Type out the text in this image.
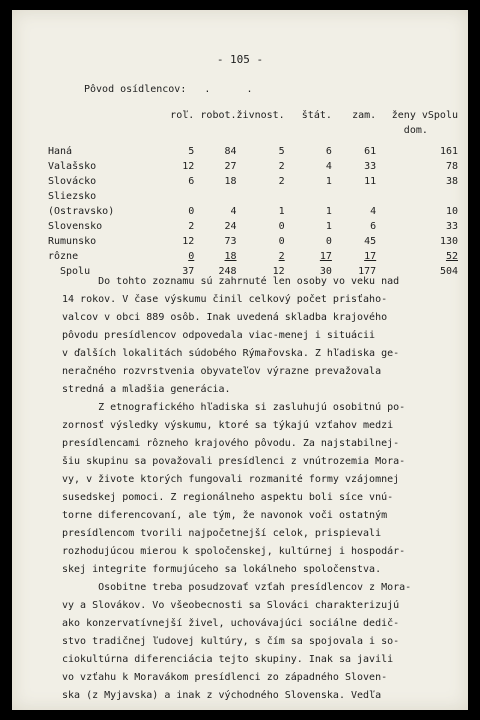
- 105 -
Pôvod osídlencov:   .      .
	roľ.	robot.	živnost.	štát.	zam.	ženy v
dom.	Spolu

Haná	5	84	5	6	61		161
Valašsko	12	27	2	4	33		78
Slovácko	6	18	2	1	11		38
Sliezsko
(Ostravsko)	0	4	1	1	4		10
Slovensko	2	24	0	1	6		33
Rumunsko	12	73	0	0	45		130
rôzne	0	18	2	17	17		52
Spolu	37	248	12	30	177		504

Do tohto zoznamu sú zahrnuté len osoby vo veku nad

14 rokov. V čase výskumu činil celkový počet prisťaho-

valcov v obci 889 osôb. Inak uvedená skladba krajového

pôvodu presídlencov odpovedala viac-menej i situácii

v ďalších lokalitách súdobého Rýmařovska. Z hľadiska ge-

neračného rozvrstvenia obyvateľov výrazne prevažovala

stredná a mladšia generácia.

Z etnografického hľadiska si zasluhujú osobitnú po-

zornosť výsledky výskumu, ktoré sa týkajú vzťahov medzi

presídlencami rôzneho krajového pôvodu. Za najstabilnej-

šiu skupinu sa považovali presídlenci z vnútrozemia Mora-

vy, v živote ktorých fungovali rozmanité formy vzájomnej

susedskej pomoci. Z regionálneho aspektu boli síce vnú-

torne diferencovaní, ale tým, že navonok voči ostatným

presídlencom tvorili najpočetnejší celok, prispievali

rozhodujúcou mierou k spoločenskej, kultúrnej i hospodár-

skej integrite formujúceho sa lokálneho spoločenstva.

Osobitne treba posudzovať vzťah presídlencov z Mora-

vy a Slovákov. Vo všeobecnosti sa Slováci charakterizujú

ako konzervatívnejší živel, uchovávajúci sociálne dedič-

stvo tradičnej ľudovej kultúry, s čím sa spojovala i so-

ciokultúrna diferenciácia tejto skupiny. Inak sa javili

vo vzťahu k Moravákom presídlenci zo západného Sloven-

ska (z Myjavska) a inak z východného Slovenska. Vedľa
